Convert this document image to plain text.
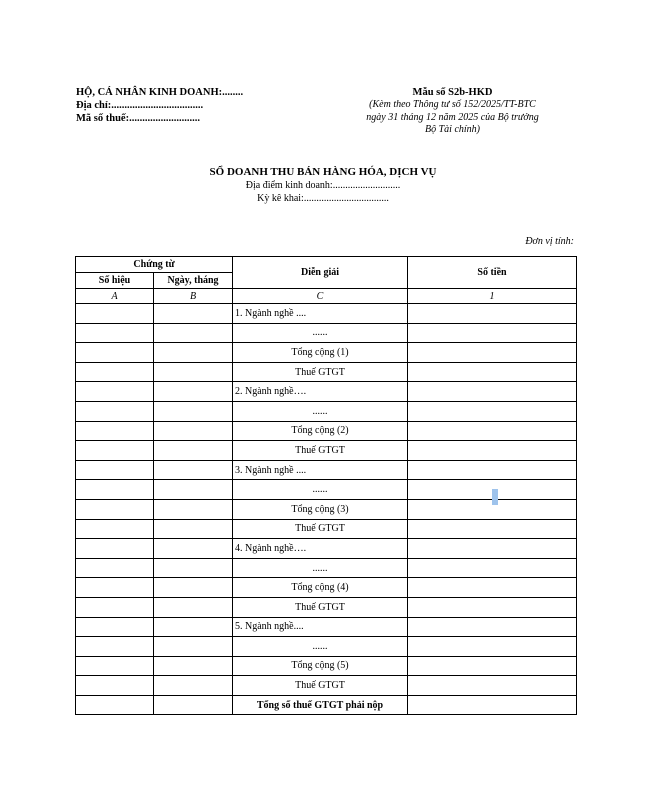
HỘ, CÁ NHÂN KINH DOANH:........
Địa chỉ:...................................
Mã số thuế:...........................
Mẫu số S2b-HKD
(Kèm theo Thông tư số 152/2025/TT-BTC
ngày 31 tháng 12 năm 2025 của Bộ trưởng
Bộ Tài chính)
SỔ DOANH THU BÁN HÀNG HÓA, DỊCH VỤ
Địa điểm kinh doanh:...........................
Kỳ kê khai:..................................
Đơn vị tính:
Chứng từ		Diễn giải	Số tiền
Số hiệu	Ngày, tháng		
A	B	C	1
		1. Ngành nghề ....	
		......	
		Tổng cộng (1)	
		Thuế GTGT	
		2. Ngành nghề….	
		......	
		Tổng cộng (2)	
		Thuế GTGT	
		3. Ngành nghề ....	
		......	
		Tổng cộng (3)	
		Thuế GTGT	
		4. Ngành nghề….	
		......	
		Tổng cộng (4)	
		Thuế GTGT	
		5. Ngành nghề....	
		......	
		Tổng cộng (5)	
		Thuế GTGT	
		Tổng số thuế GTGT phải nộp	
